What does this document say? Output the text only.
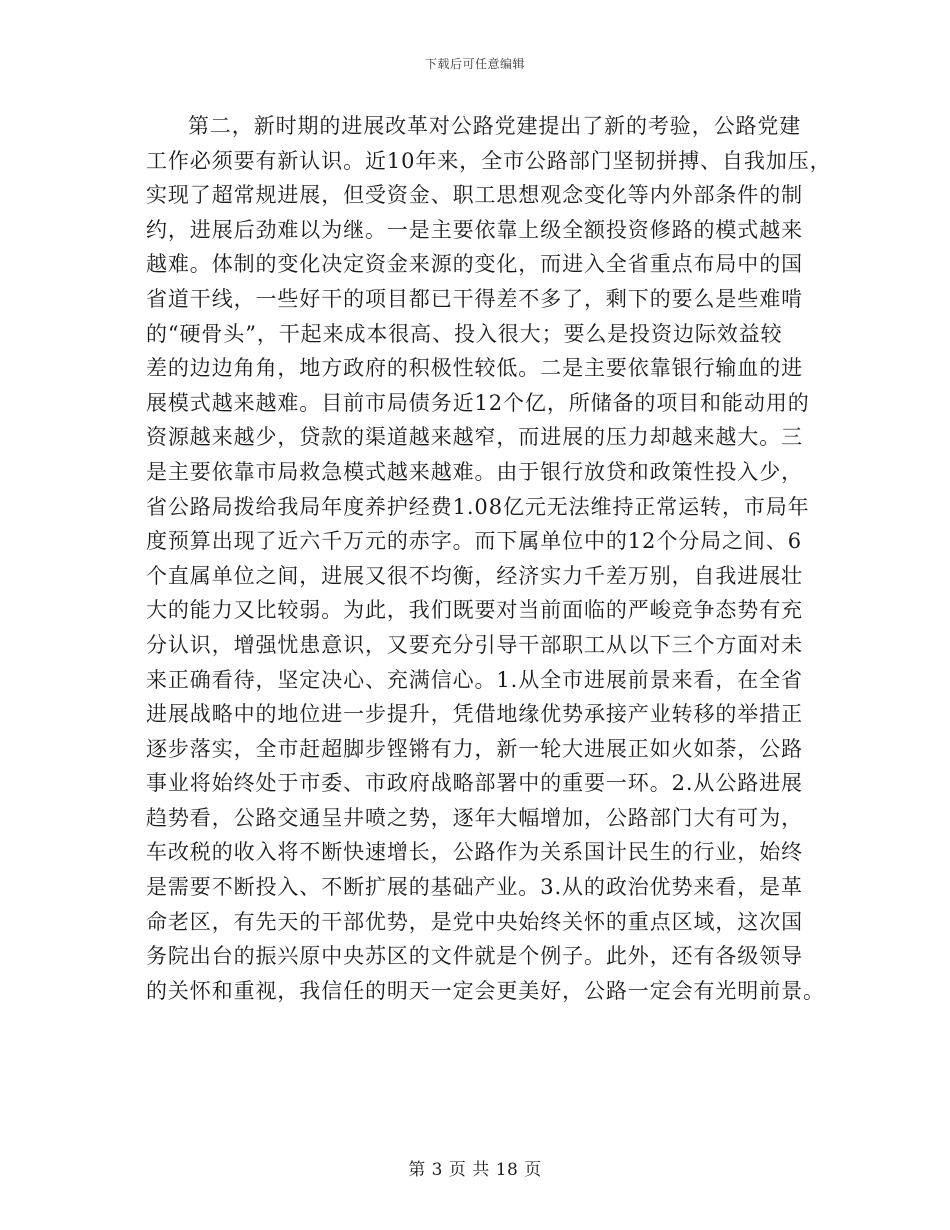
下载后可任意编辑
第二，新时期的进展改革对公路党建提出了新的考验，公路党建
工作必须要有新认识。近10年来，全市公路部门坚韧拼搏、自我加压，
实现了超常规进展，但受资金、职工思想观念变化等内外部条件的制
约，进展后劲难以为继。一是主要依靠上级全额投资修路的模式越来
越难。体制的变化决定资金来源的变化，而进入全省重点布局中的国
省道干线，一些好干的项目都已干得差不多了，剩下的要么是些难啃
的“硬骨头”，干起来成本很高、投入很大；要么是投资边际效益较
差的边边角角，地方政府的积极性较低。二是主要依靠银行输血的进
展模式越来越难。目前市局债务近12个亿，所储备的项目和能动用的
资源越来越少，贷款的渠道越来越窄，而进展的压力却越来越大。三
是主要依靠市局救急模式越来越难。由于银行放贷和政策性投入少，
省公路局拨给我局年度养护经费1.08亿元无法维持正常运转，市局年
度预算出现了近六千万元的赤字。而下属单位中的12个分局之间、6
个直属单位之间，进展又很不均衡，经济实力千差万别，自我进展壮
大的能力又比较弱。为此，我们既要对当前面临的严峻竞争态势有充
分认识，增强忧患意识，又要充分引导干部职工从以下三个方面对未
来正确看待，坚定决心、充满信心。1.从全市进展前景来看，在全省
进展战略中的地位进一步提升，凭借地缘优势承接产业转移的举措正
逐步落实，全市赶超脚步铿锵有力，新一轮大进展正如火如荼，公路
事业将始终处于市委、市政府战略部署中的重要一环。2.从公路进展
趋势看，公路交通呈井喷之势，逐年大幅增加，公路部门大有可为，
车改税的收入将不断快速增长，公路作为关系国计民生的行业，始终
是需要不断投入、不断扩展的基础产业。3.从的政治优势来看，是革
命老区，有先天的干部优势，是党中央始终关怀的重点区域，这次国
务院出台的振兴原中央苏区的文件就是个例子。此外，还有各级领导
的关怀和重视，我信任的明天一定会更美好，公路一定会有光明前景。
第 3 页 共 18 页
